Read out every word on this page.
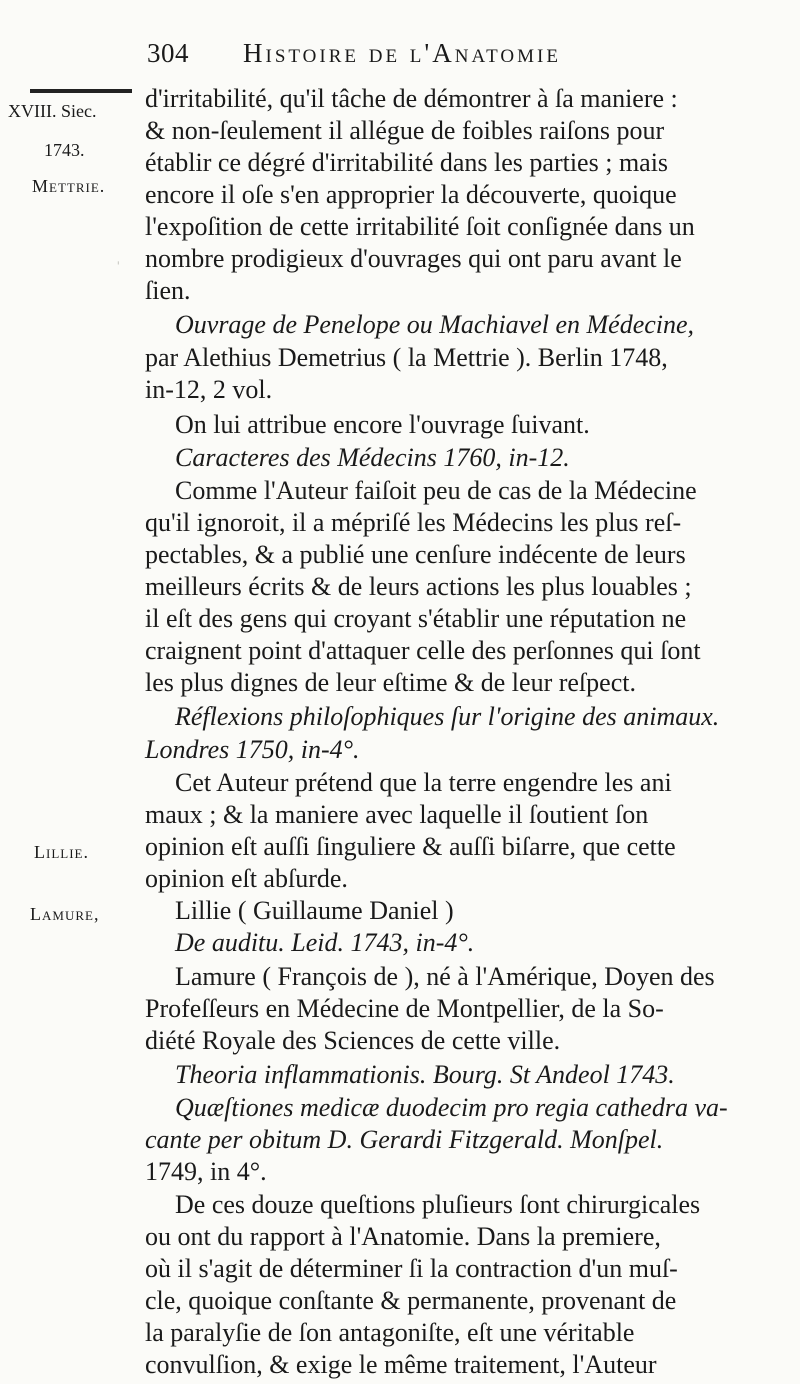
304 Histoire de l'Anatomie
ˌ
XVIII. Siec.
1743.
Mettrie.
Lillie.
Lamure,
d'irritabilité, qu'il tâche de démontrer à ſa maniere :
& non-ſeulement il allégue de foibles raiſons pour
établir ce dégré d'irritabilité dans les parties ; mais
encore il oſe s'en approprier la découverte, quoique
l'expoſition de cette irritabilité ſoit conſignée dans un
nombre prodigieux d'ouvrages qui ont paru avant le
ſien.
Ouvrage de Penelope ou Machiavel en Médecine,
par Alethius Demetrius ( la Mettrie ). Berlin 1748,
in-12, 2 vol.
On lui attribue encore l'ouvrage ſuivant.
Caracteres des Médecins 1760, in-12.
Comme l'Auteur faiſoit peu de cas de la Médecine
qu'il ignoroit, il a mépriſé les Médecins les plus reſ-
pectables, & a publié une cenſure indécente de leurs
meilleurs écrits & de leurs actions les plus louables ;
il eſt des gens qui croyant s'établir une réputation ne
craignent point d'attaquer celle des perſonnes qui ſont
les plus dignes de leur eſtime & de leur reſpect.
Réflexions philoſophiques ſur l'origine des animaux.
Londres 1750, in-4°.
Cet Auteur prétend que la terre engendre les ani
maux ; & la maniere avec laquelle il ſoutient ſon
opinion eſt auſſi ſinguliere & auſſi biſarre, que cette
opinion eſt abſurde.
Lillie ( Guillaume Daniel )
De auditu. Leid. 1743, in-4°.
Lamure ( François de ), né à l'Amérique, Doyen des
Profeſſeurs en Médecine de Montpellier, de la So-
diété Royale des Sciences de cette ville.
Theoria inflammationis. Bourg. St Andeol 1743.
Quæſtiones medicæ duodecim pro regia cathedra va-
cante per obitum D. Gerardi Fitzgerald. Monſpel.
1749, in 4°.
De ces douze queſtions pluſieurs ſont chirurgicales
ou ont du rapport à l'Anatomie. Dans la premiere,
où il s'agit de déterminer ſi la contraction d'un muſ-
cle, quoique conſtante & permanente, provenant de
la paralyſie de ſon antagoniſte, eſt une véritable
convulſion, & exige le même traitement, l'Auteur
